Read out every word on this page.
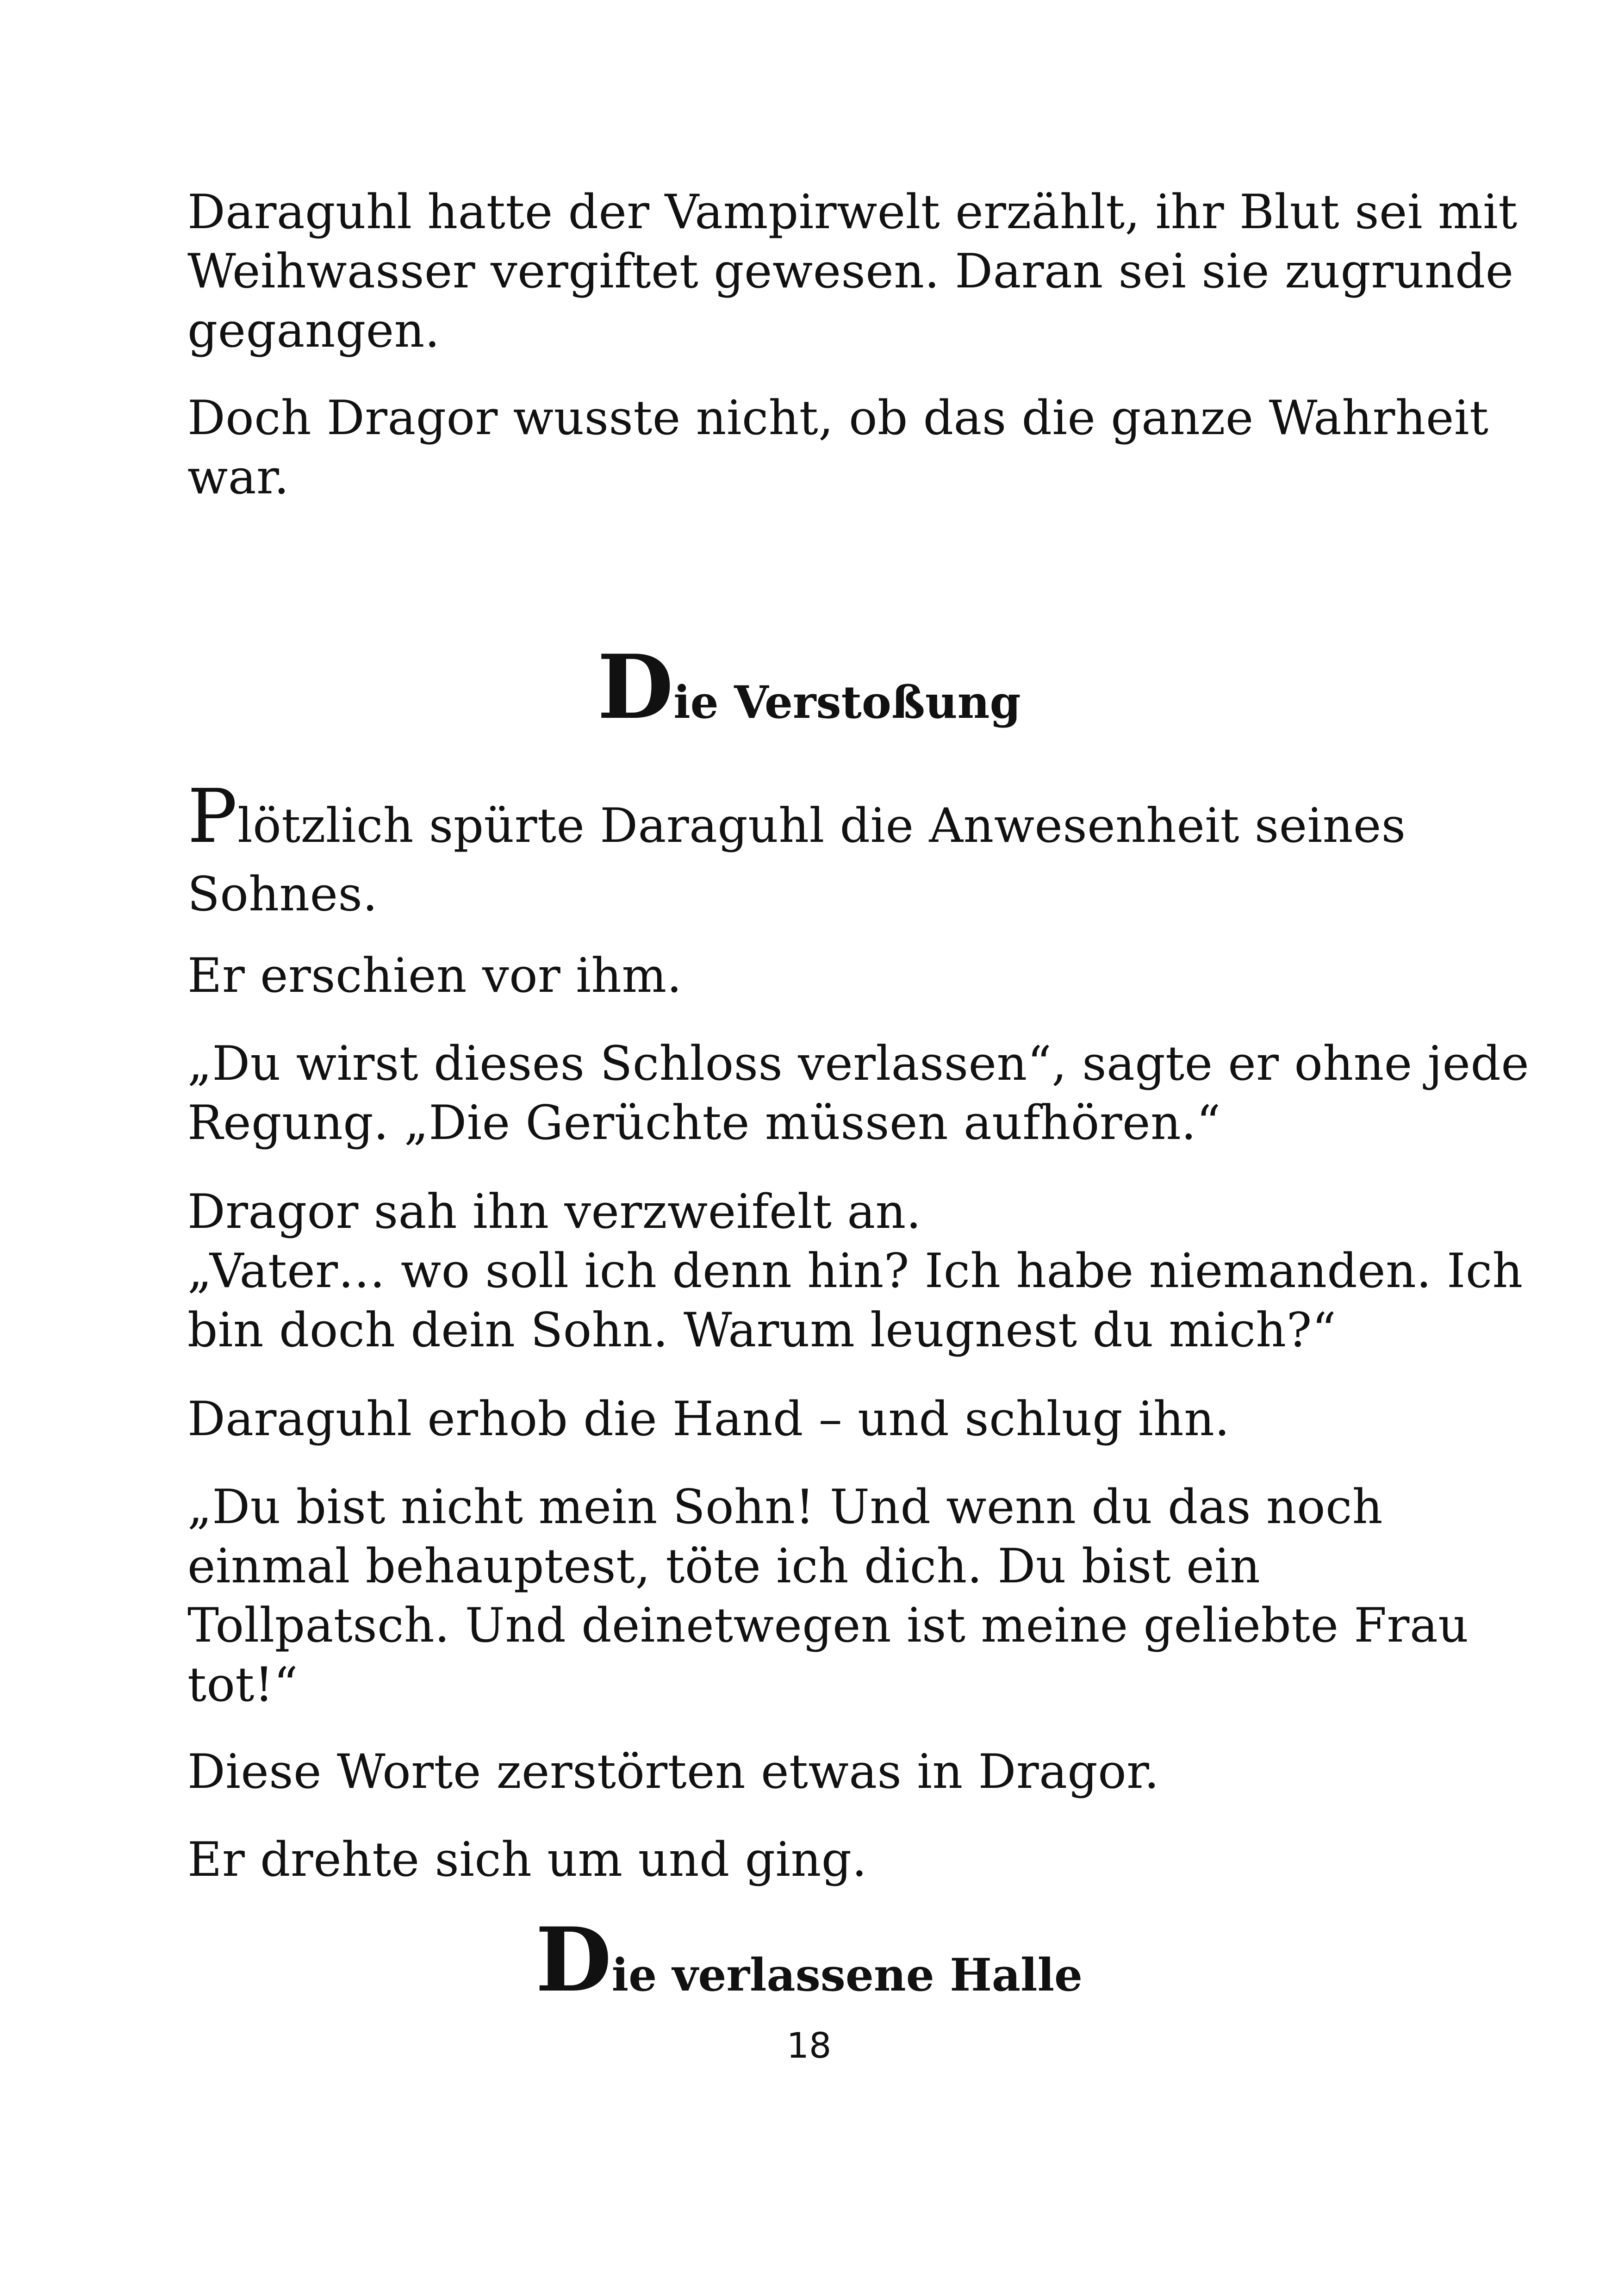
Daraguhl hatte der Vampirwelt erzählt, ihr Blut sei mit

Weihwasser vergiftet gewesen. Daran sei sie zugrunde

gegangen.

Doch Dragor wusste nicht, ob das die ganze Wahrheit

war.

Die Verstoßung

Plötzlich spürte Daraguhl die Anwesenheit seines

Sohnes.

Er erschien vor ihm.

„Du wirst dieses Schloss verlassen“, sagte er ohne jede

Regung. „Die Gerüchte müssen aufhören.“

Dragor sah ihn verzweifelt an.

„Vater… wo soll ich denn hin? Ich habe niemanden. Ich

bin doch dein Sohn. Warum leugnest du mich?“

Daraguhl erhob die Hand – und schlug ihn.

„Du bist nicht mein Sohn! Und wenn du das noch

einmal behauptest, töte ich dich. Du bist ein

Tollpatsch. Und deinetwegen ist meine geliebte Frau

tot!“

Diese Worte zerstörten etwas in Dragor.

Er drehte sich um und ging.

Die verlassene Halle
18
